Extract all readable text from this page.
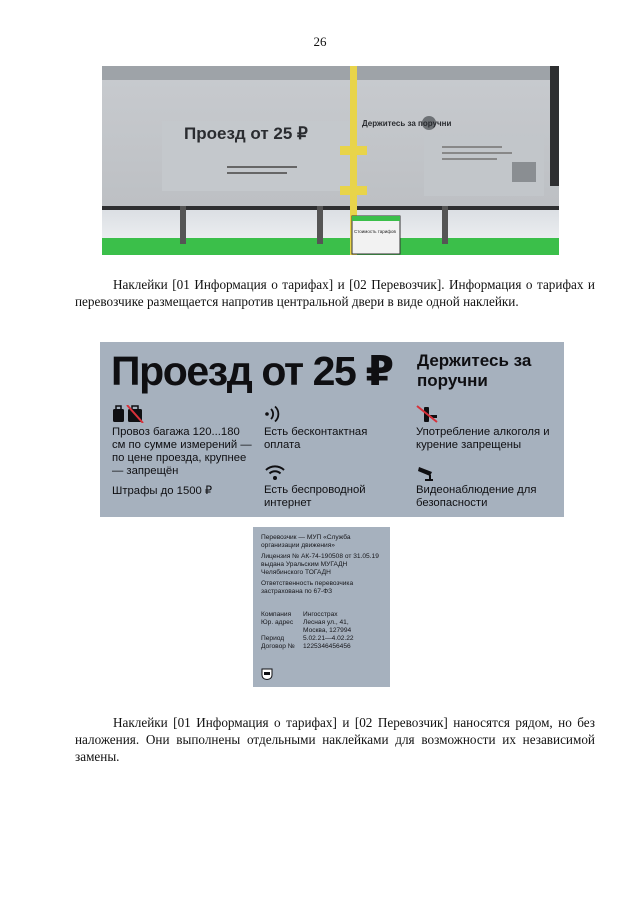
26
Проезд от 25 ₽
Держитесь за поручни
Стоимость тарифов
Наклейки [01 Информация о тарифах] и [02 Перевозчик]. Информация о тарифах и перевозчике размещается напротив центральной двери в виде одной наклейки.
Проезд от 25 ₽ Держитесь за поручни
Провоз багажа 120...180 см по сумме измерений — по цене проезда, крупнее — запрещён
Штрафы до 1500 ₽
Есть бесконтактная оплата
Есть беспроводной интернет
Употребление алкоголя и курение запрещены
Видеонаблюдение для безопасности
Перевозчик — МУП «Служба организации движения»
Лицензия № АК-74-190508 от 31.05.19 выдана Уральским МУГАДН Челябинского ТОГАДН
Ответственность перевозчика застрахована по 67-ФЗ
Компания	Ингосстрах
Юр. адрес	Лесная ул., 41, Москва, 127994
Период	5.02.21—4.02.22
Договор №	1225346456456
Наклейки [01 Информация о тарифах] и [02 Перевозчик] наносятся рядом, но без наложения. Они выполнены отдельными наклейками для возможности их независимой замены.
